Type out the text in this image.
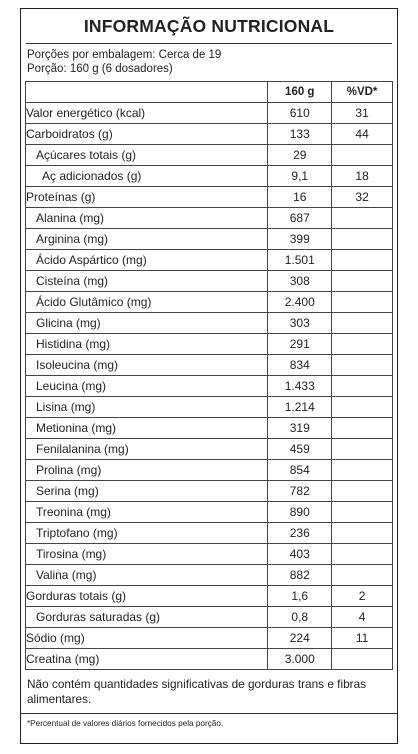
INFORMAÇÃO NUTRICIONAL
Porções por embalagem: Cerca de 19
Porção: 160 g (6 dosadores)
	160 g	%VD*
Valor energético (kcal)	610	31
Carboidratos (g)	133	44
Açúcares totais (g)	29	
Aç adicionados (g)	9,1	18
Proteínas (g)	16	32
Alanina (mg)	687	
Arginina (mg)	399	
Ácido Aspártico (mg)	1.501	
Cisteína (mg)	308	
Ácido Glutâmico (mg)	2.400	
Glicina (mg)	303	
Histidina (mg)	291	
Isoleucina (mg)	834	
Leucina (mg)	1.433	
Lisina (mg)	1.214	
Metionina (mg)	319	
Fenilalanina (mg)	459	
Prolina (mg)	854	
Serina (mg)	782	
Treonina (mg)	890	
Triptofano (mg)	236	
Tirosina (mg)	403	
Valina (mg)	882	
Gorduras totais (g)	1,6	2
Gorduras saturadas (g)	0,8	4
Sódio (mg)	224	11
Creatina (mg)	3.000	
Não contém quantidades significativas de gorduras trans e fibras alimentares.
*Percentual de valores diários fornecidos pela porção.
